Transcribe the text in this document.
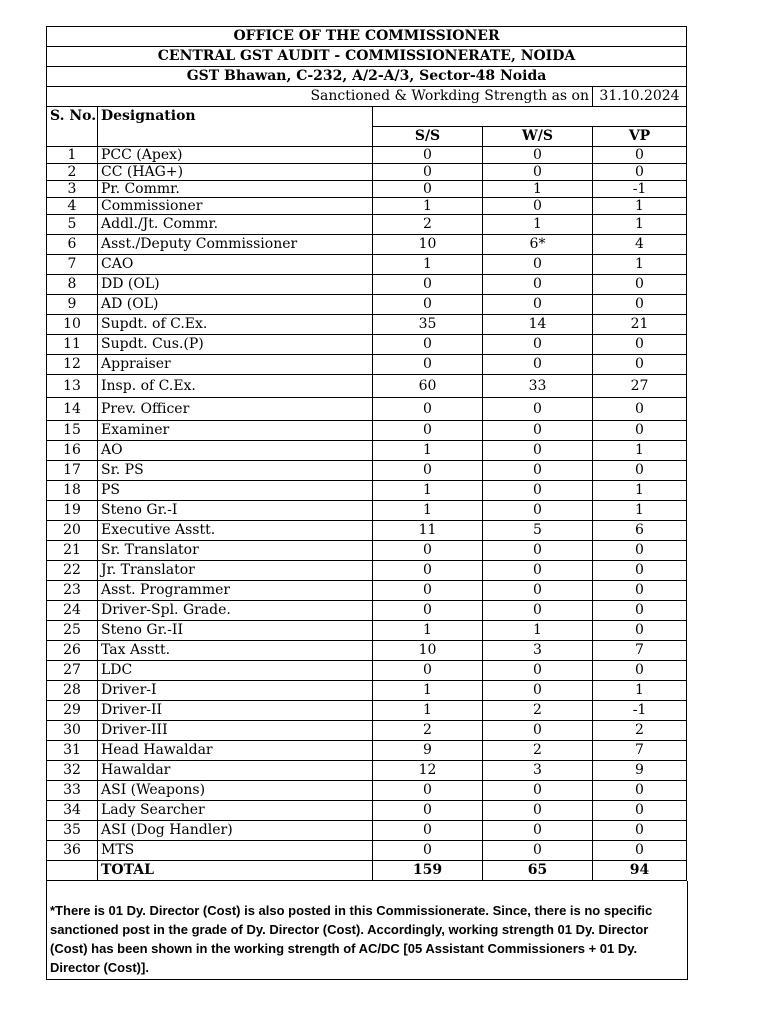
OFFICE OF THE COMMISSIONER				
CENTRAL GST AUDIT - COMMISSIONERATE, NOIDA				
GST Bhawan, C-232, A/2-A/3, Sector-48 Noida				
Sanctioned & Workding Strength as on				31.10.2024
S. No.	Designation			
		S/S	W/S	VP
1	PCC (Apex)	0	0	0
2	CC (HAG+)	0	0	0
3	Pr. Commr.	0	1	-1
4	Commissioner	1	0	1
5	Addl./Jt. Commr.	2	1	1
6	Asst./Deputy Commissioner	10	6*	4
7	CAO	1	0	1
8	DD (OL)	0	0	0
9	AD (OL)	0	0	0
10	Supdt. of C.Ex.	35	14	21
11	Supdt. Cus.(P)	0	0	0
12	Appraiser	0	0	0
13	Insp. of C.Ex.	60	33	27
14	Prev. Officer	0	0	0
15	Examiner	0	0	0
16	AO	1	0	1
17	Sr. PS	0	0	0
18	PS	1	0	1
19	Steno Gr.-I	1	0	1
20	Executive Asstt.	11	5	6
21	Sr. Translator	0	0	0
22	Jr. Translator	0	0	0
23	Asst. Programmer	0	0	0
24	Driver-Spl. Grade.	0	0	0
25	Steno Gr.-II	1	1	0
26	Tax Asstt.	10	3	7
27	LDC	0	0	0
28	Driver-I	1	0	1
29	Driver-II	1	2	-1
30	Driver-III	2	0	2
31	Head Hawaldar	9	2	7
32	Hawaldar	12	3	9
33	ASI (Weapons)	0	0	0
34	Lady Searcher	0	0	0
35	ASI (Dog Handler)	0	0	0
36	MTS	0	0	0
	TOTAL	159	65	94
*There is 01 Dy. Director (Cost) is also posted in this Commissionerate. Since, there is no specific sanctioned post in the grade of Dy. Director (Cost). Accordingly, working strength 01 Dy. Director (Cost) has been shown in the working strength of AC/DC [05 Assistant Commissioners + 01 Dy. Director (Cost)].
